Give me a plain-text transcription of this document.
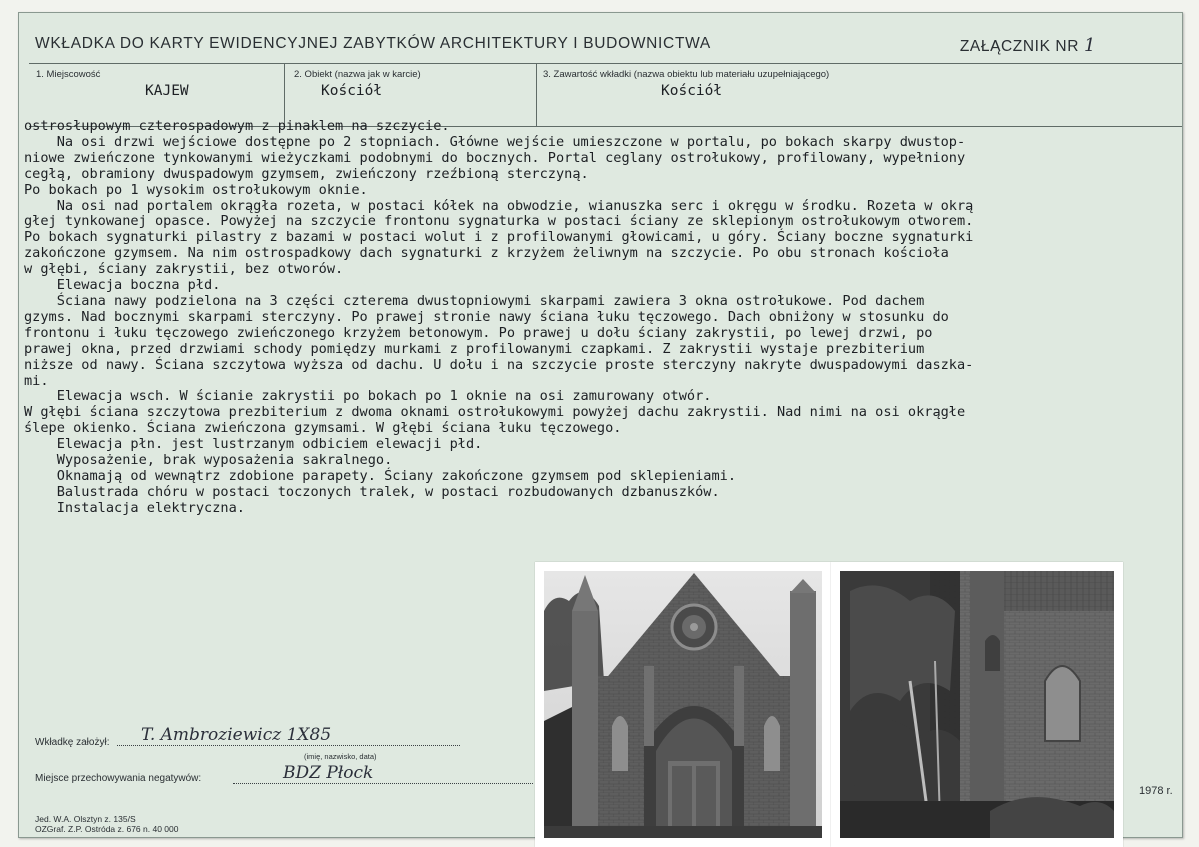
WKŁADKA DO KARTY EWIDENCYJNEJ ZABYTKÓW ARCHITEKTURY I BUDOWNICTWA	ZAŁĄCZNIK NR 1
1. Miejscowość
KAJEW
2. Obiekt (nazwa jak w karcie)
Kościół
3. Zawartość wkładki (nazwa obiektu lub materiału uzupełniającego)
Kościół
Wkładkę założył: T. Ambroziewicz 1X85
(imię, nazwisko, data)
Miejsce przechowywania negatywów:	BDZ Płock
Jed. W.A. Olsztyn z. 135/S
OZGraf. Z.P. Ostróda z. 676 n. 40 000
1978 r.
ostrosłupowym czterospadowym z pinaklem na szczycie.
Na osi drzwi wejściowe dostępne po 2 stopniach. Główne wejście umieszczone w portalu, po bokach skarpy dwustop-
niowe zwieńczone tynkowanymi wieżyczkami podobnymi do bocznych. Portal ceglany ostrołukowy, profilowany, wypełniony
cegłą, obramiony dwuspadowym gzymsem, zwieńczony rzeźbioną sterczyną.
Po bokach po 1 wysokim ostrołukowym oknie.
Na osi nad portalem okrągła rozeta, w postaci kółek na obwodzie, wianuszka serc i okręgu w środku. Rozeta w okrą
głej tynkowanej opasce. Powyżej na szczycie frontonu sygnaturka w postaci ściany ze sklepionym ostrołukowym otworem.
Po bokach sygnaturki pilastry z bazami w postaci wolut i z profilowanymi głowicami, u góry. Ściany boczne sygnaturki
zakończone gzymsem. Na nim ostrospadkowy dach sygnaturki z krzyżem żeliwnym na szczycie. Po obu stronach kościoła
w głębi, ściany zakrystii, bez otworów.
Elewacja boczna płd.
Ściana nawy podzielona na 3 części czterema dwustopniowymi skarpami zawiera 3 okna ostrołukowe. Pod dachem
gzyms. Nad bocznymi skarpami sterczyny. Po prawej stronie nawy ściana łuku tęczowego. Dach obniżony w stosunku do
frontonu i łuku tęczowego zwieńczonego krzyżem betonowym. Po prawej u dołu ściany zakrystii, po lewej drzwi, po
prawej okna, przed drzwiami schody pomiędzy murkami z profilowanymi czapkami. Z zakrystii wystaje prezbiterium
niższe od nawy. Ściana szczytowa wyższa od dachu. U dołu i na szczycie proste sterczyny nakryte dwuspadowymi daszka-
mi.
Elewacja wsch. W ścianie zakrystii po bokach po 1 oknie na osi zamurowany otwór.
W głębi ściana szczytowa prezbiterium z dwoma oknami ostrołukowymi powyżej dachu zakrystii. Nad nimi na osi okrągłe
ślepe okienko. Ściana zwieńczona gzymsami. W głębi ściana łuku tęczowego.
Elewacja płn. jest lustrzanym odbiciem elewacji płd.
Wyposażenie, brak wyposażenia sakralnego.
Oknamają od wewnątrz zdobione parapety. Ściany zakończone gzymsem pod sklepieniami.
Balustrada chóru w postaci toczonych tralek, w postaci rozbudowanych dzbanuszków.
Instalacja elektryczna.
